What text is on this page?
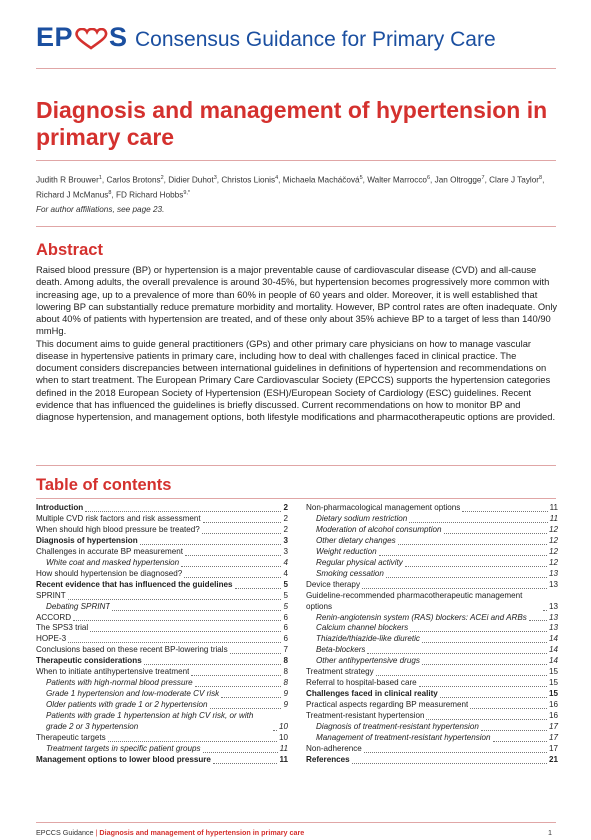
EP S Consensus Guidance for Primary Care
Diagnosis and management of hypertension in primary care
Judith R Brouwer$^1$, Carlos Brotons$^2$, Didier Duhot$^3$, Christos Lionis$^4$, Michaela Macháčová$^5$, Walter Marrocco$^6$, Jan Oltrogge$^7$, Clare J Taylor$^8$, Richard J McManus$^8$, FD Richard Hobbs$^{9,*}$
For author affiliations, see page 23.
Abstract

Raised blood pressure (BP) or hypertension is a major preventable cause of cardiovascular disease (CVD) and all-cause death. Among adults, the overall prevalence is around 30-45%, but hypertension becomes progressively more common with increasing age, up to a prevalence of more than 60% in people of 60 years and older. Moreover, it is well established that lowering BP can substantially reduce premature morbidity and mortality. However, BP control rates are often inadequate. Only about 40% of patients with hypertension are treated, and of these only about 35% achieve BP to a target of less than 140/90 mmHg.

This document aims to guide general practitioners (GPs) and other primary care physicians on how to manage vascular disease in hypertensive patients in primary care, including how to deal with challenges faced in clinical practice. The document considers discrepancies between international guidelines in definitions of hypertension and recommendations on when to start treatment. The European Primary Care Cardiovascular Society (EPCCS) supports the hypertension categories defined in the 2018 European Society of Hypertension (ESH)/European Society of Cardiology (ESC) guidelines. Recent evidence that has influenced the guidelines is briefly discussed. Current recommendations on how to monitor BP and diagnose hypertension, and management options, both lifestyle modifications and pharmacotherapeutic options are provided.

Table of contents
Introduction	2
Multiple CVD risk factors and risk assessment	2
When should high blood pressure be treated?	2
Diagnosis of hypertension	3
Challenges in accurate BP measurement	3
White coat and masked hypertension	4
How should hypertension be diagnosed?	4
Recent evidence that has influenced the guidelines	5
SPRINT	5
Debating SPRINT	5
ACCORD	6
The SPS3 trial	6
HOPE-3	6
Conclusions based on these recent BP-lowering trials	7
Therapeutic considerations	8
When to initiate antihypertensive treatment	8
Patients with high-normal blood pressure	8
Grade 1 hypertension and low-moderate CV risk	9
Older patients with grade 1 or 2 hypertension	9
Patients with grade 1 hypertension at high CV risk, or with grade 2 or 3 hypertension	10
Therapeutic targets	10
Treatment targets in specific patient groups	11
Management options to lower blood pressure	11
Non-pharmacological management options	11
Dietary sodium restriction	11
Moderation of alcohol consumption	12
Other dietary changes	12
Weight reduction	12
Regular physical activity	12
Smoking cessation	13
Device therapy	13
Guideline-recommended pharmacotherapeutic management options	13
Renin-angiotensin system (RAS) blockers: ACEi and ARBs	13
Calcium channel blockers	13
Thiazide/thiazide-like diuretic	14
Beta-blockers	14
Other antihypertensive drugs	14
Treatment strategy	15
Referral to hospital-based care	15
Challenges faced in clinical reality	15
Practical aspects regarding BP measurement	16
Treatment-resistant hypertension	16
Diagnosis of treatment-resistant hypertension	17
Management of treatment-resistant hypertension	17
Non-adherence	17
References	21
EPCCS Guidance | Diagnosis and management of hypertension in primary care	1
